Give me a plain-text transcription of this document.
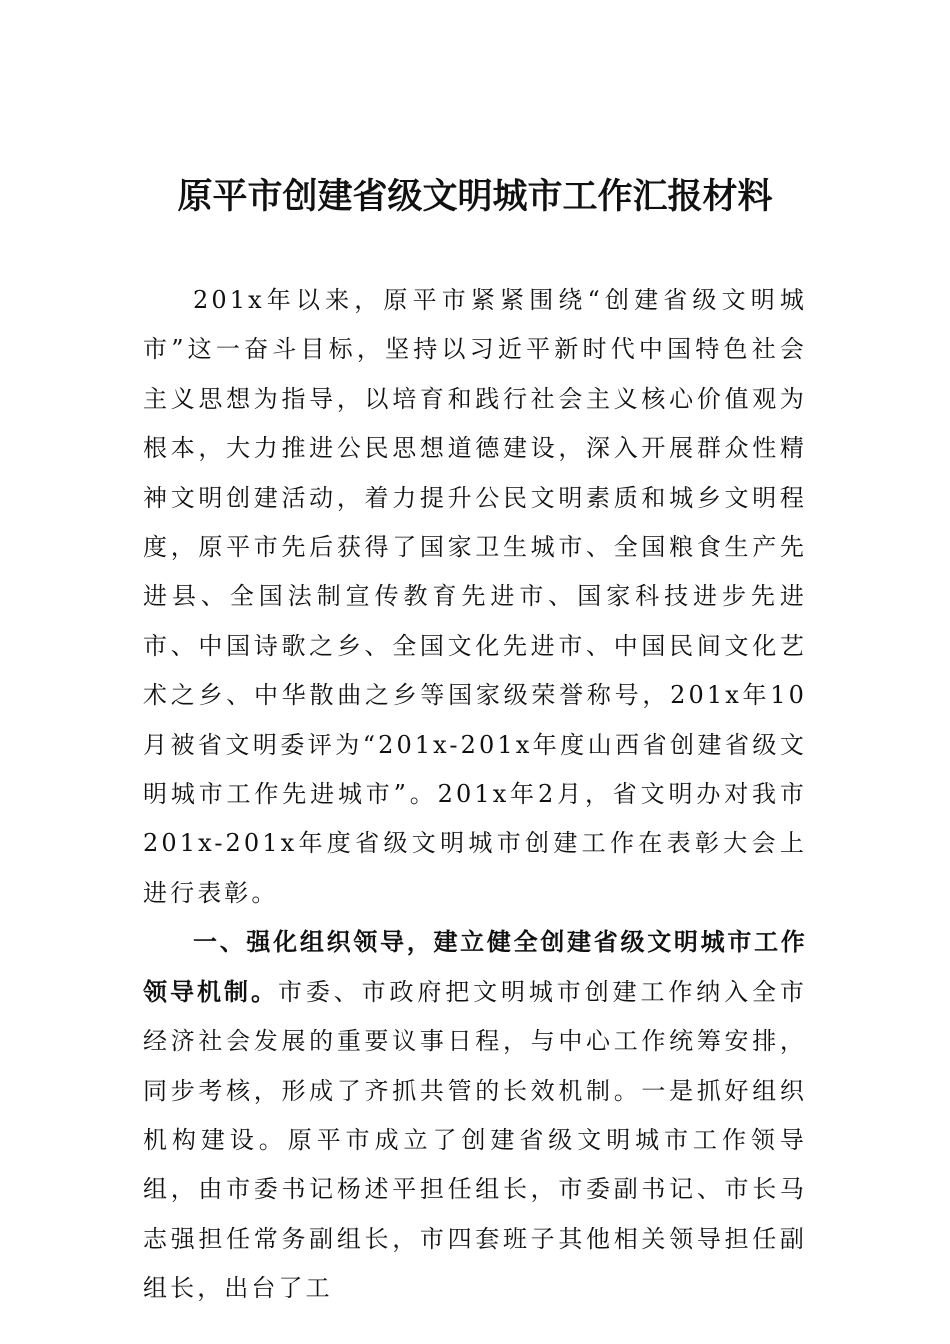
原平市创建省级文明城市工作汇报材料

201x年以来，原平市紧紧围绕“创建省级文明城市”这一奋斗目标，坚持以习近平新时代中国特色社会主义思想为指导，以培育和践行社会主义核心价值观为根本，大力推进公民思想道德建设，深入开展群众性精神文明创建活动，着力提升公民文明素质和城乡文明程度，原平市先后获得了国家卫生城市、全国粮食生产先进县、全国法制宣传教育先进市、国家科技进步先进市、中国诗歌之乡、全国文化先进市、中国民间文化艺术之乡、中华散曲之乡等国家级荣誉称号，201x年10月被省文明委评为“201x-201x年度山西省创建省级文明城市工作先进城市”。201x年2月，省文明办对我市201x-201x年度省级文明城市创建工作在表彰大会上进行表彰。

一、强化组织领导，建立健全创建省级文明城市工作领导机制。市委、市政府把文明城市创建工作纳入全市经济社会发展的重要议事日程，与中心工作统筹安排，同步考核，形成了齐抓共管的长效机制。一是抓好组织机构建设。原平市成立了创建省级文明城市工作领导组，由市委书记杨述平担任组长，市委副书记、市长马志强担任常务副组长，市四套班子其他相关领导担任副组长，出台了工
